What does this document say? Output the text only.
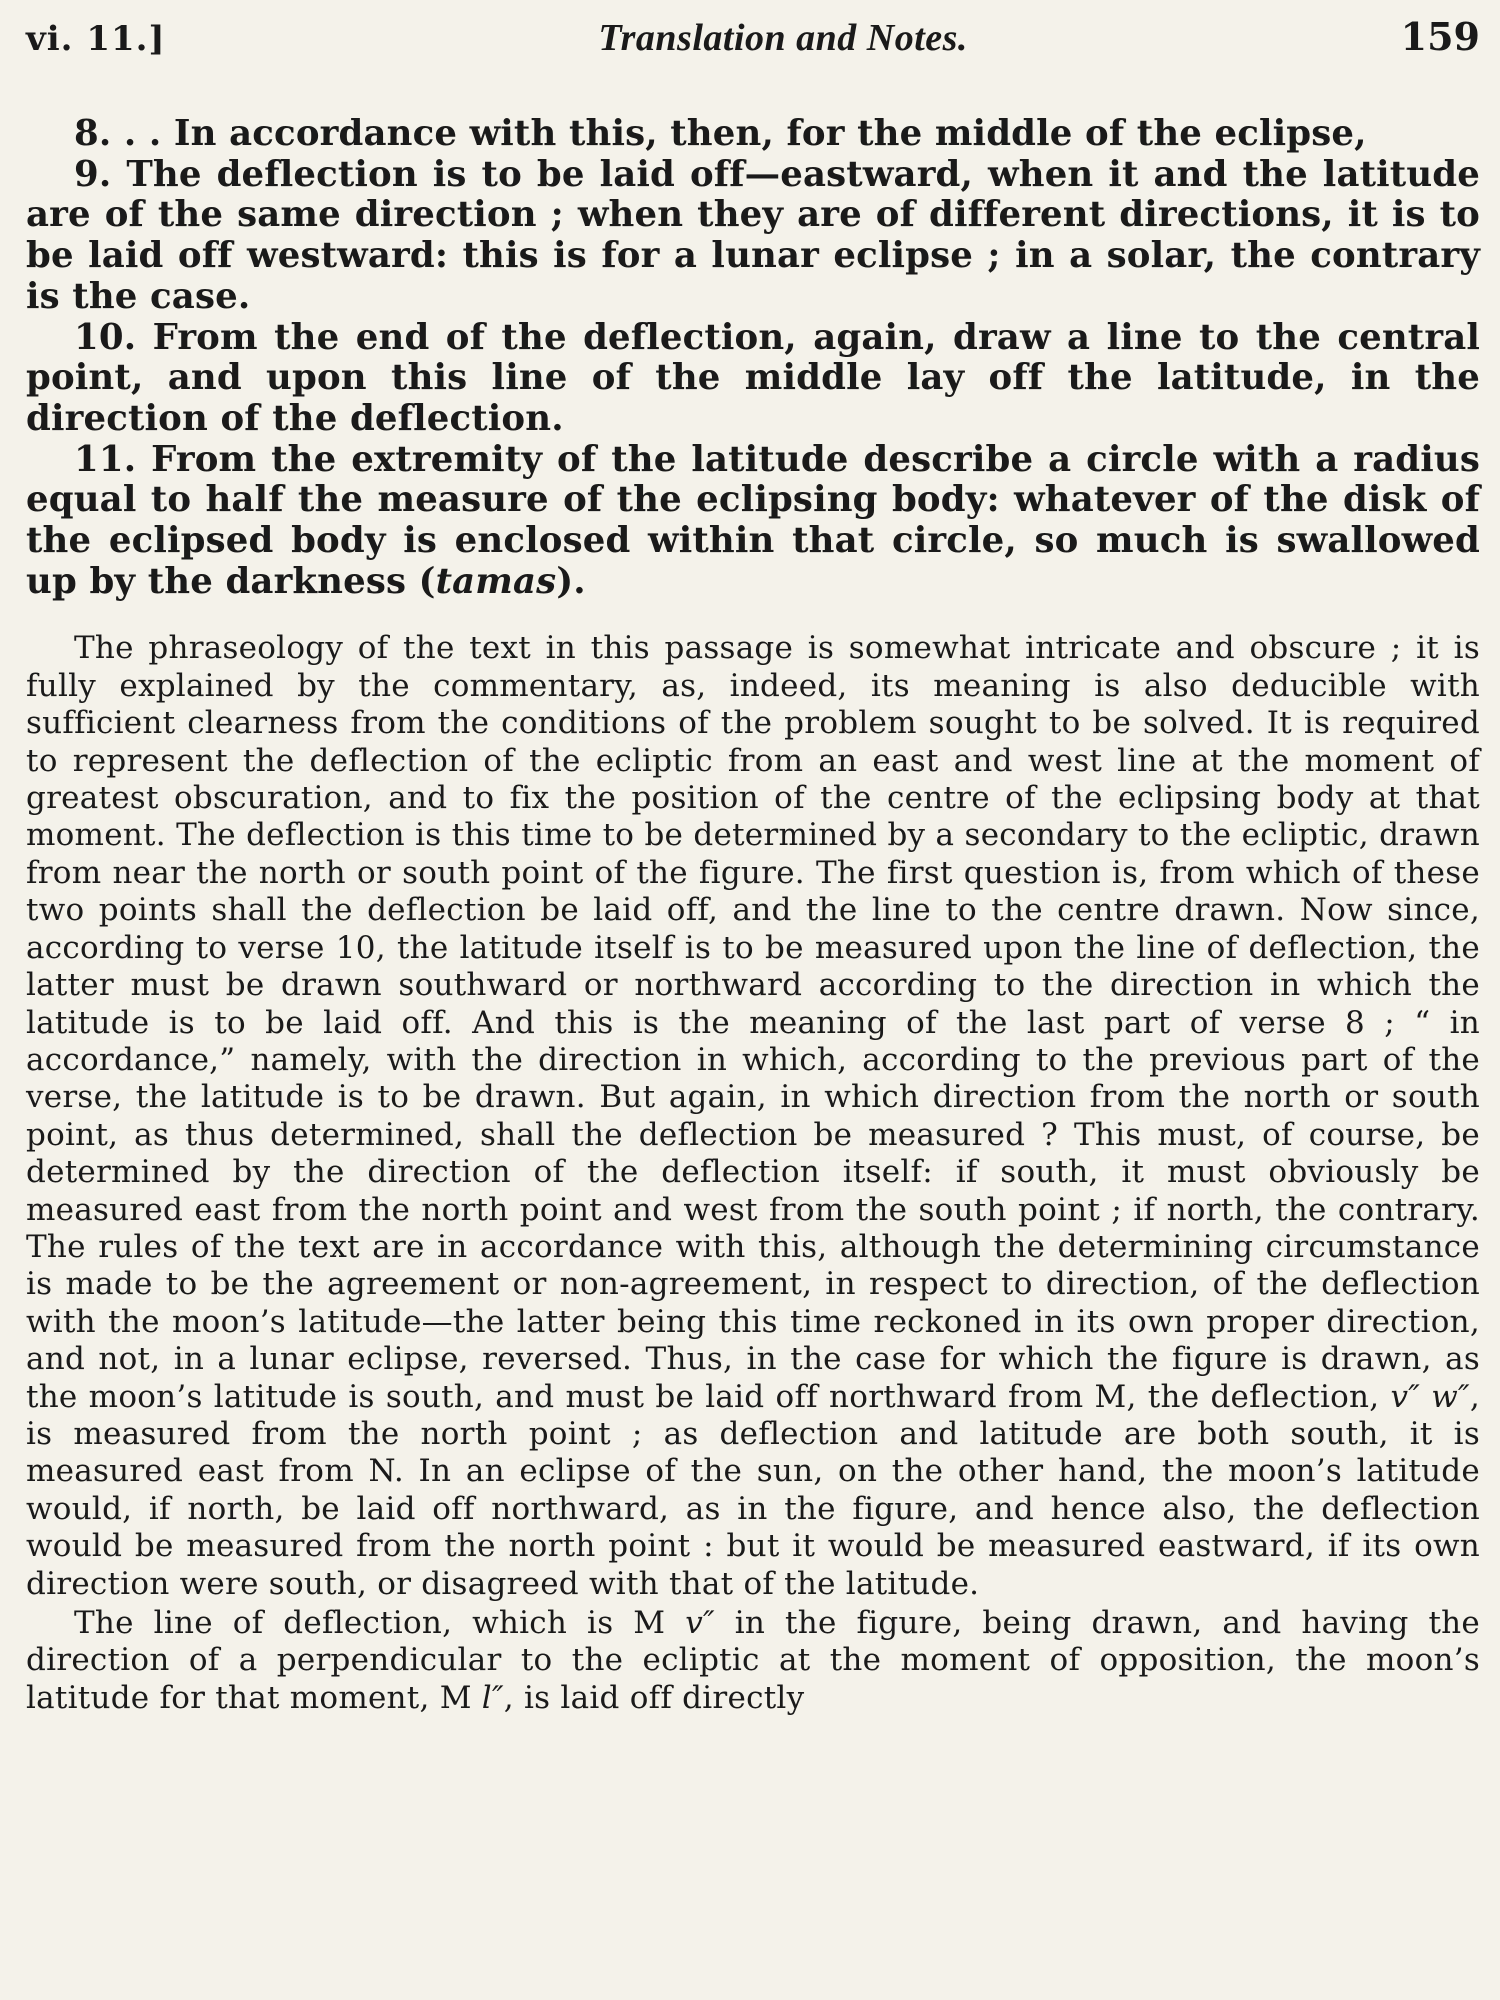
vi. 11.]	Translation and Notes.	159

8. . . In accordance with this, then, for the middle of the eclipse,

9. The deflection is to be laid off—eastward, when it and the latitude are of the same direction ; when they are of different directions, it is to be laid off westward: this is for a lunar eclipse ; in a solar, the contrary is the case.

10. From the end of the deflection, again, draw a line to the central point, and upon this line of the middle lay off the latitude, in the direction of the deflection.

11. From the extremity of the latitude describe a circle with a radius equal to half the measure of the eclipsing body: whatever of the disk of the eclipsed body is enclosed within that circle, so much is swallowed up by the darkness (tamas).

The phraseology of the text in this passage is somewhat intricate and obscure ; it is fully explained by the commentary, as, indeed, its meaning is also deducible with sufficient clearness from the conditions of the problem sought to be solved. It is required to represent the deflection of the ecliptic from an east and west line at the moment of greatest obscuration, and to fix the position of the centre of the eclipsing body at that moment. The deflection is this time to be determined by a secondary to the ecliptic, drawn from near the north or south point of the figure. The first question is, from which of these two points shall the deflection be laid off, and the line to the centre drawn. Now since, according to verse 10, the latitude itself is to be measured upon the line of deflection, the latter must be drawn southward or northward according to the direction in which the latitude is to be laid off. And this is the meaning of the last part of verse 8 ; “ in accordance,” namely, with the direction in which, according to the previous part of the verse, the latitude is to be drawn. But again, in which direction from the north or south point, as thus determined, shall the deflection be measured ? This must, of course, be determined by the direction of the deflection itself: if south, it must obviously be measured east from the north point and west from the south point ; if north, the contrary. The rules of the text are in accordance with this, although the determining circumstance is made to be the agreement or non-agreement, in respect to direction, of the deflection with the moon’s latitude—the latter being this time reckoned in its own proper direction, and not, in a lunar eclipse, reversed. Thus, in the case for which the figure is drawn, as the moon’s latitude is south, and must be laid off northward from M, the deflection, v″ w″, is measured from the north point ; as deflection and latitude are both south, it is measured east from N. In an eclipse of the sun, on the other hand, the moon’s latitude would, if north, be laid off northward, as in the figure, and hence also, the deflection would be measured from the north point : but it would be measured eastward, if its own direction were south, or disagreed with that of the latitude.

The line of deflection, which is M v″ in the figure, being drawn, and having the direction of a perpendicular to the ecliptic at the moment of opposition, the moon’s latitude for that moment, M l″, is laid off directly
